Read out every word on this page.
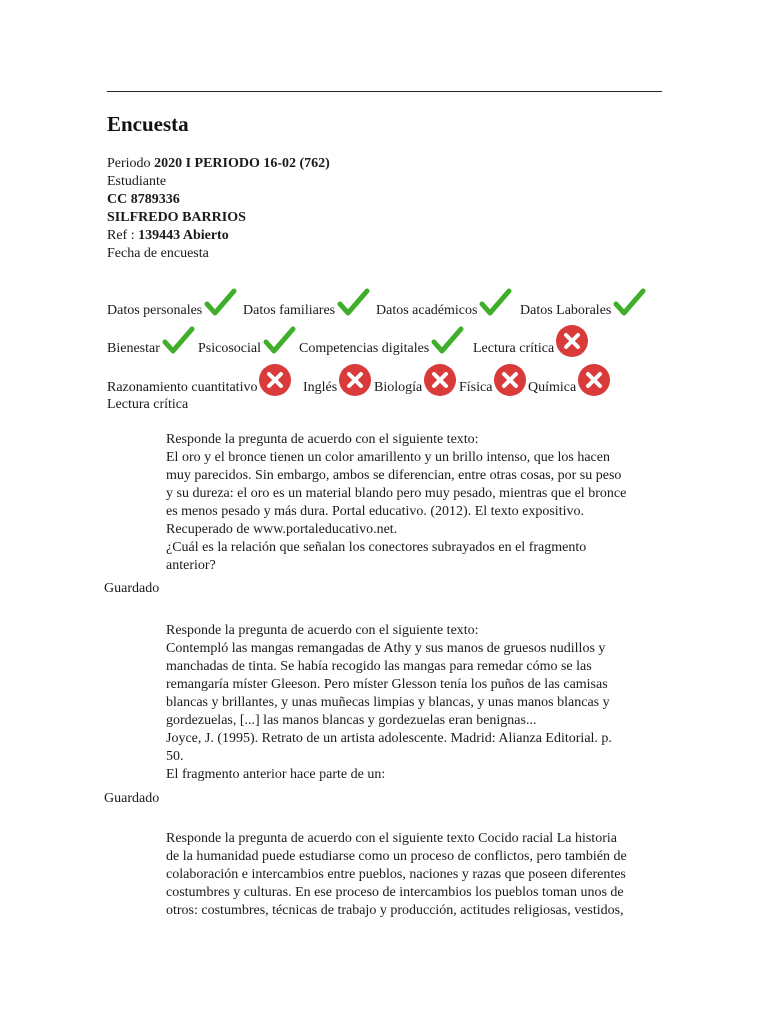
Encuesta
Periodo 2020 I PERIODO 16-02 (762)
Estudiante
CC 8789336
SILFREDO BARRIOS
Ref : 139443 Abierto
Fecha de encuesta
Datos personales	Datos familiares	Datos académicos	Datos Laborales
Bienestar	Psicosocial	Competencias digitales	Lectura crítica
Razonamiento cuantitativo	Inglés	Biología	Física	Química
Lectura crítica

Responde la pregunta de acuerdo con el siguiente texto:

El oro y el bronce tienen un color amarillento y un brillo intenso, que los hacen

muy parecidos. Sin embargo, ambos se diferencian, entre otras cosas, por su peso

y su dureza: el oro es un material blando pero muy pesado, mientras que el bronce

es menos pesado y más dura. Portal educativo. (2012). El texto expositivo.

Recuperado de www.portaleducativo.net.

¿Cuál es la relación que señalan los conectores subrayados en el fragmento

anterior?

Guardado

Responde la pregunta de acuerdo con el siguiente texto:

Contempló las mangas remangadas de Athy y sus manos de gruesos nudillos y

manchadas de tinta. Se había recogido las mangas para remedar cómo se las

remangaría míster Gleeson. Pero míster Glesson tenía los puños de las camisas

blancas y brillantes, y unas muñecas limpias y blancas, y unas manos blancas y

gordezuelas, [...] las manos blancas y gordezuelas eran benignas...

Joyce, J. (1995). Retrato de un artista adolescente. Madrid: Alianza Editorial. p.

50.

El fragmento anterior hace parte de un:

Guardado

Responde la pregunta de acuerdo con el siguiente texto Cocido racial La historia

de la humanidad puede estudiarse como un proceso de conflictos, pero también de

colaboración e intercambios entre pueblos, naciones y razas que poseen diferentes

costumbres y culturas. En ese proceso de intercambios los pueblos toman unos de

otros: costumbres, técnicas de trabajo y producción, actitudes religiosas, vestidos,
